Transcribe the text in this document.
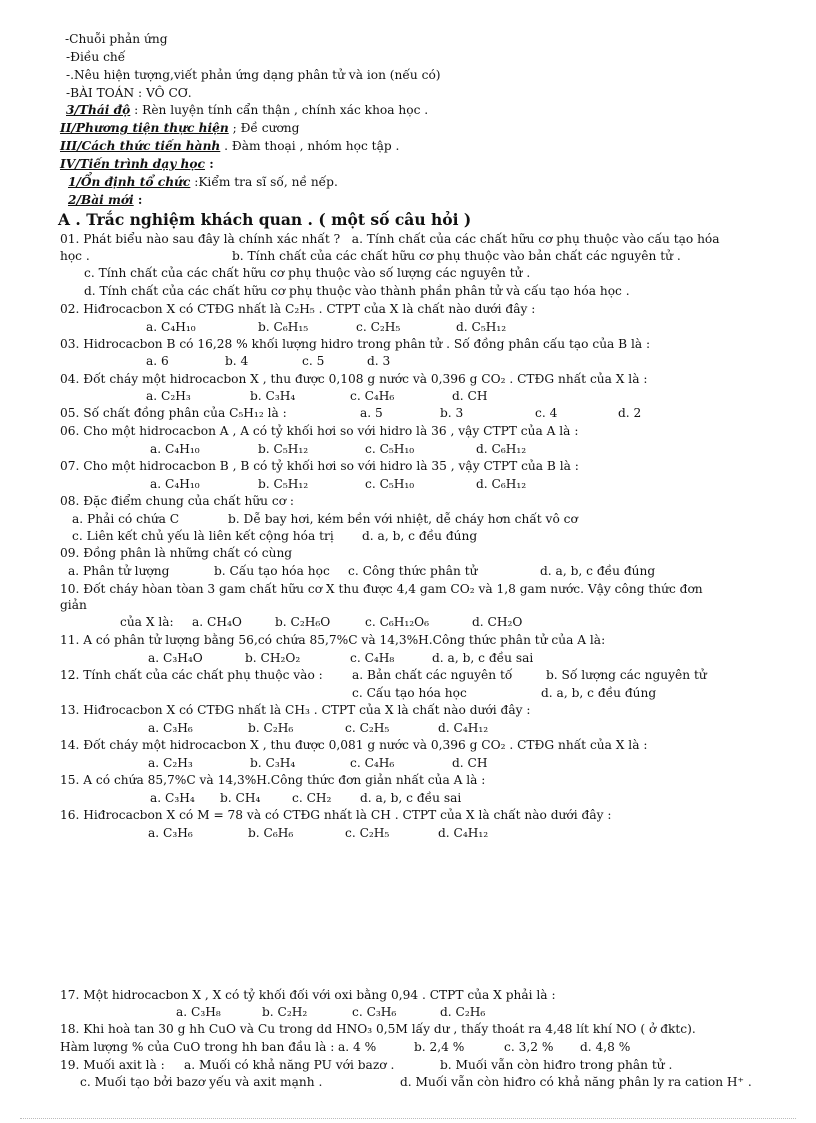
-Chuỗi phản ứng
-Điều chế
-.Nêu hiện tượng,viết phản ứng dạng phân tử và ion (nếu có)
-BÀI TOÁN : VÔ CƠ.
3/Thái độ : Rèn luyện tính cẩn thận , chính xác khoa học .
II/Phương tiện thực hiện ; Đề cương
III/Cách thức tiến hành . Đàm thoại , nhóm học tập .
IV/Tiến trình dạy học :
1/Ổn định tổ chức :Kiểm tra sĩ số, nề nếp.
2/Bài mới :
A . Trắc nghiệm khách quan . ( một số câu hỏi )
01. Phát biểu nào sau đây là chính xác nhất ? a. Tính chất của các chất hữu cơ phụ thuộc vào cấu tạo hóa
học .	b. Tính chất của các chất hữu cơ phụ thuộc vào bản chất các nguyên tử .
c. Tính chất của các chất hữu cơ phụ thuộc vào số lượng các nguyên tử .
d. Tính chất của các chất hữu cơ phụ thuộc vào thành phần phân tử và cấu tạo hóa học .
02. Hiđrocacbon X có CTĐG nhất là C₂H₅ . CTPT của X là chất nào dưới đây :
a. C₄H₁₀	b. C₆H₁₅	c. C₂H₅	d. C₅H₁₂
03. Hidrocacbon B có 16,28 % khối lượng hidro trong phân tử . Số đồng phân cấu tạo của B là :
a. 6	b. 4	c. 5	d. 3
04. Đốt cháy một hidrocacbon X , thu được 0,108 g nước và 0,396 g CO₂ . CTĐG nhất của X là :
a. C₂H₃	b. C₃H₄	c. C₄H₆	d. CH
05. Số chất đồng phân của C₅H₁₂ là :	a. 5	b. 3	c. 4	d. 2
06. Cho một hidrocacbon A , A có tỷ khối hơi so với hidro là 36 , vậy CTPT của A là :
a. C₄H₁₀	b. C₅H₁₂	c. C₅H₁₀	d. C₆H₁₂
07. Cho một hidrocacbon B , B có tỷ khối hơi so với hidro là 35 , vậy CTPT của B là :
a. C₄H₁₀	b. C₅H₁₂	c. C₅H₁₀	d. C₆H₁₂
08. Đặc điểm chung của chất hữu cơ :
a. Phải có chứa C	b. Dễ bay hơi, kém bền với nhiệt, dễ cháy hơn chất vô cơ
c. Liên kết chủ yếu là liên kết cộng hóa trị d. a, b, c đều đúng
09. Đồng phân là những chất có cùng
a. Phân tử lượng	b. Cấu tạo hóa học c. Công thức phân tử	d. a, b, c đều đúng
10. Đốt cháy hòan tòan 3 gam chất hữu cơ X thu được 4,4 gam CO₂ và 1,8 gam nước. Vậy công thức đơn
giản
của X là: a. CH₄O	b. C₂H₆O	c. C₆H₁₂O₆	d. CH₂O
11. A có phân tử lượng bằng 56,có chứa 85,7%C và 14,3%H.Công thức phân tử của A là:
a. C₃H₄O	b. CH₂O₂	c. C₄H₈	d. a, b, c đều sai
12. Tính chất của các chất phụ thuộc vào : a. Bản chất các nguyên tố	b. Số lượng các nguyên tử
c. Cấu tạo hóa học	d. a, b, c đều đúng
13. Hiđrocacbon X có CTĐG nhất là CH₃ . CTPT của X là chất nào dưới đây :
a. C₃H₆	b. C₂H₆	c. C₂H₅	d. C₄H₁₂
14. Đốt cháy một hidrocacbon X , thu được 0,081 g nước và 0,396 g CO₂ . CTĐG nhất của X là :
a. C₂H₃	b. C₃H₄	c. C₄H₆	d. CH
15. A có chứa 85,7%C và 14,3%H.Công thức đơn giản nhất của A là :
a. C₃H₄ b. CH₄	c. CH₂ d. a, b, c đều sai
16. Hiđrocacbon X có M = 78 và có CTĐG nhất là CH . CTPT của X là chất nào dưới đây :
a. C₃H₆	b. C₆H₆	c. C₂H₅	d. C₄H₁₂
17. Một hidrocacbon X , X có tỷ khối đối với oxi bằng 0,94 . CTPT của X phải là :
a. C₃H₈	b. C₂H₂	c. C₃H₆	d. C₂H₆
18. Khi hoà tan 30 g hh CuO và Cu trong dd HNO₃ 0,5M lấy dư , thấy thoát ra 4,48 lít khí NO ( ở đktc).
Hàm lượng % của CuO trong hh ban đầu là : a. 4 %	b. 2,4 %	c. 3,2 % d. 4,8 %
19. Muối axit là : a. Muối có khả năng PU với bazơ .	b. Muối vẫn còn hiđro trong phân tử .
c. Muối tạo bởi bazơ yếu và axit mạnh .	d. Muối vẫn còn hiđro có khả năng phân ly ra cation H⁺ .
